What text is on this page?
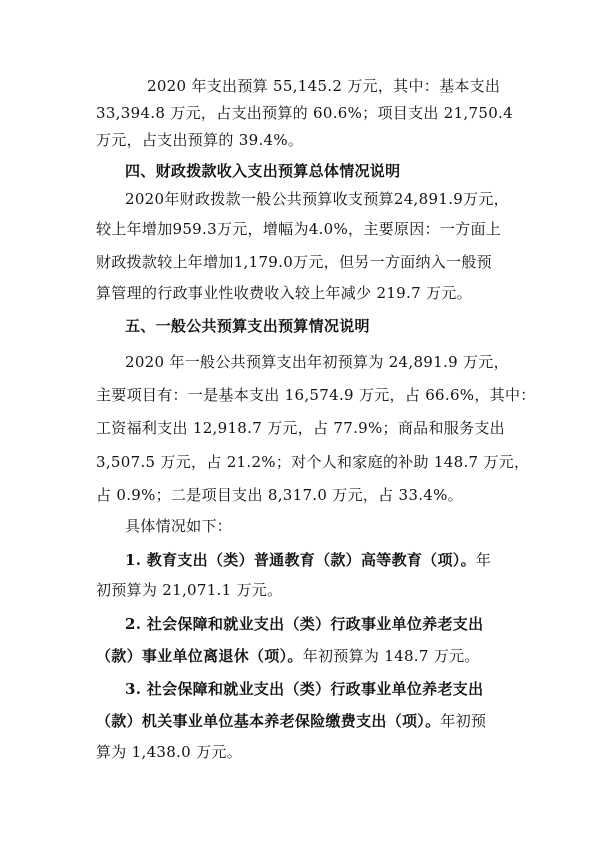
2020 年支出预算 55,145.2 万元，其中：基本支出
33,394.8 万元，占支出预算的 60.6%；项目支出 21,750.4
万元，占支出预算的 39.4%。
四、财政拨款收入支出预算总体情况说明
2020年财政拨款一般公共预算收支预算24,891.9万元，
较上年增加959.3万元，增幅为4.0%，主要原因：一方面上
财政拨款较上年增加1,179.0万元，但另一方面纳入一般预
算管理的行政事业性收费收入较上年减少 219.7 万元。
五、一般公共预算支出预算情况说明
2020 年一般公共预算支出年初预算为 24,891.9 万元，
主要项目有：一是基本支出 16,574.9 万元，占 66.6%，其中：
工资福利支出 12,918.7 万元，占 77.9%；商品和服务支出
3,507.5 万元，占 21.2%；对个人和家庭的补助 148.7 万元，
占 0.9%；二是项目支出 8,317.0 万元，占 33.4%。
具体情况如下：
1. 教育支出（类）普通教育（款）高等教育（项）。年
初预算为 21,071.1 万元。
2. 社会保障和就业支出（类）行政事业单位养老支出
（款）事业单位离退休（项）。年初预算为 148.7 万元。
3. 社会保障和就业支出（类）行政事业单位养老支出
（款）机关事业单位基本养老保险缴费支出（项）。年初预
算为 1,438.0 万元。
